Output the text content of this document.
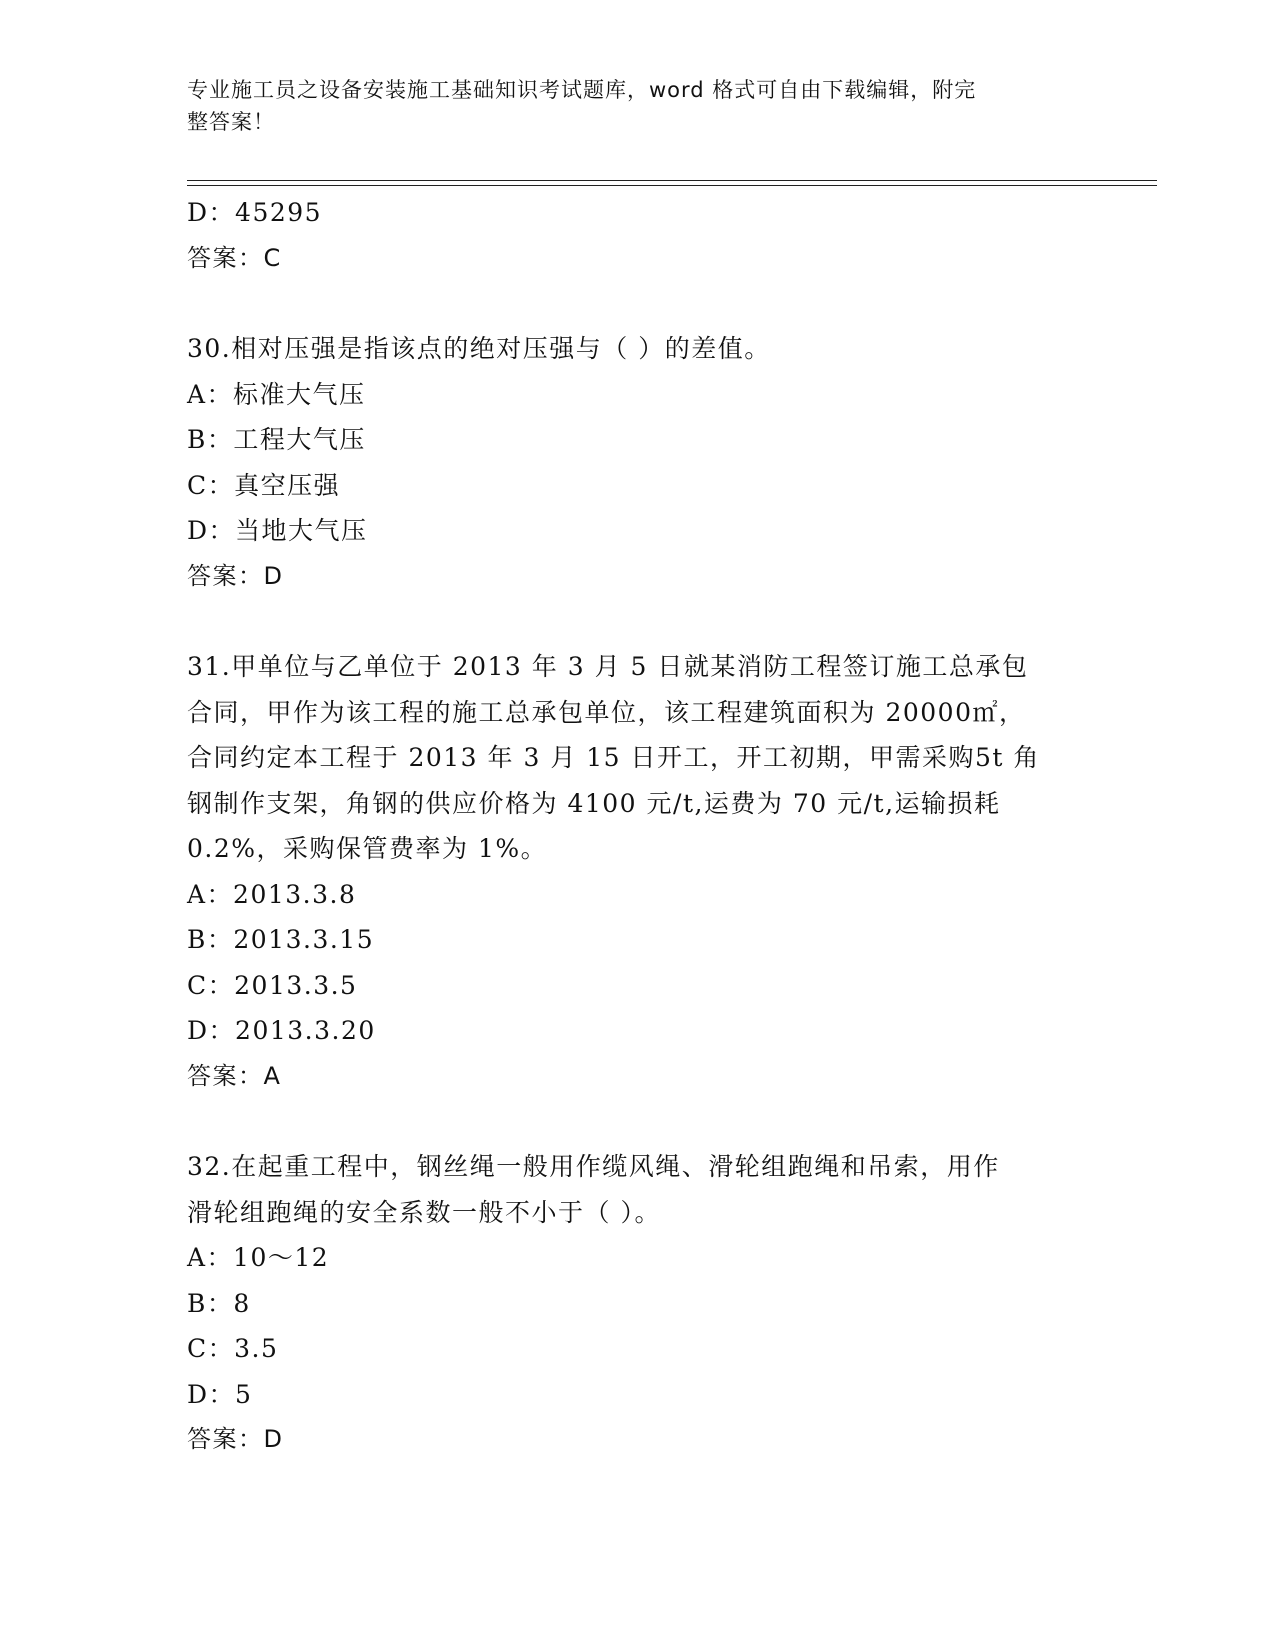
专业施工员之设备安装施工基础知识考试题库，word 格式可自由下载编辑，附完
整答案！
D：45295
答案：C
30.相对压强是指该点的绝对压强与（ ）的差值。
A：标准大气压
B：工程大气压
C：真空压强
D：当地大气压
答案：D
31.甲单位与乙单位于 2013 年 3 月 5 日就某消防工程签订施工总承包
合同，甲作为该工程的施工总承包单位，该工程建筑面积为 20000㎡，
合同约定本工程于 2013 年 3 月 15 日开工，开工初期，甲需采购5t 角
钢制作支架，角钢的供应价格为 4100 元/t,运费为 70 元/t,运输损耗
0.2%，采购保管费率为 1%。
A：2013.3.8
B：2013.3.15
C：2013.3.5
D：2013.3.20
答案：A
32.在起重工程中，钢丝绳一般用作缆风绳、滑轮组跑绳和吊索，用作
滑轮组跑绳的安全系数一般不小于（ ）。
A：10～12
B：8
C：3.5
D：5
答案：D
